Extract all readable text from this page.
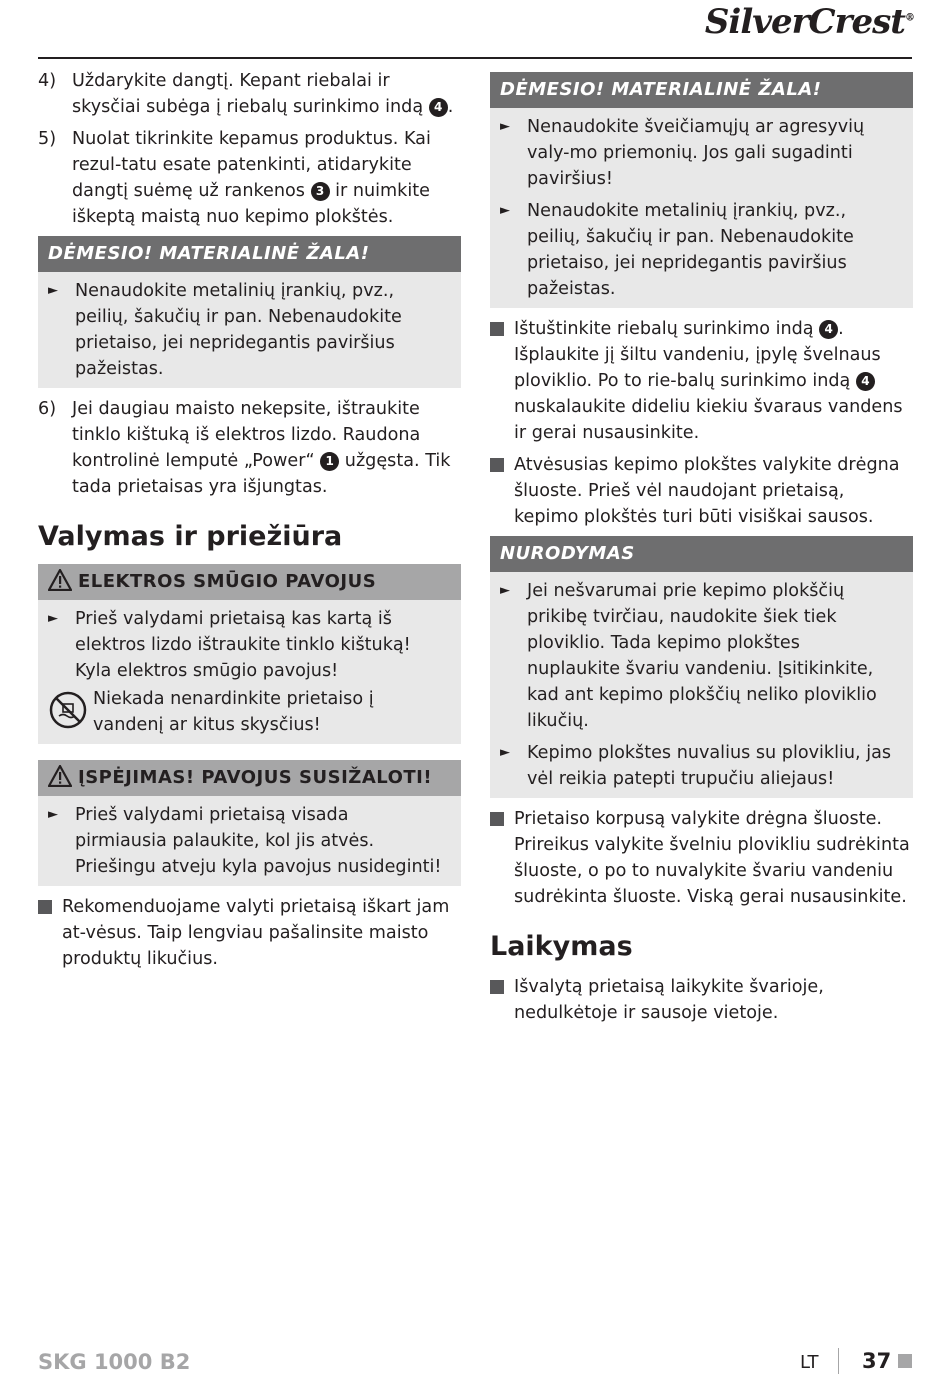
SilverCrest®
4) Uždarykite dangtį. Kepant riebalai ir skysčiai subėga į riebalų surinkimo indą 4 .
5) Nuolat tikrinkite kepamus produktus. Kai rezul-tatu esate patenkinti, atidarykite dangtį suėmę už rankenos 3 ir nuimkite iškeptą maistą nuo kepimo plokštės.
DĖMESIO! MATERIALINĖ ŽALA!
► Nenaudokite metalinių įrankių, pvz., peilių, šakučių ir pan. Nebenaudokite prietaiso, jei nepridegantis paviršius pažeistas.
6) Jei daugiau maisto nekepsite, ištraukite tinklo kištuką iš elektros lizdo. Raudona kontrolinė lemputė „Power“ 1 užgęsta. Tik tada prietaisas yra išjungtas.
Valymas ir priežiūra
ELEKTROS SMŪGIO PAVOJUS
► Prieš valydami prietaisą kas kartą iš elektros lizdo ištraukite tinklo kištuką! Kyla elektros smūgio pavojus!
Niekada nenardinkite prietaiso į vandenį ar kitus skysčius!
ĮSPĖJIMAS! PAVOJUS SUSIŽALOTI!
► Prieš valydami prietaisą visada pirmiausia palaukite, kol jis atvės. Priešingu atveju kyla pavojus nusideginti!
Rekomenduojame valyti prietaisą iškart jam at-vėsus. Taip lengviau pašalinsite maisto produktų likučius.
DĖMESIO! MATERIALINĖ ŽALA!
► Nenaudokite šveičiamųjų ar agresyvių valy-mo priemonių. Jos gali sugadinti paviršius!
► Nenaudokite metalinių įrankių, pvz., peilių, šakučių ir pan. Nebenaudokite prietaiso, jei nepridegantis paviršius pažeistas.
Ištuštinkite riebalų surinkimo indą 4 . Išplaukite jį šiltu vandeniu, įpylę švelnaus ploviklio. Po to rie-balų surinkimo indą 4 nuskalaukite dideliu kiekiu švaraus vandens ir gerai nusausinkite.
Atvėsusias kepimo plokštes valykite drėgna šluoste. Prieš vėl naudojant prietaisą, kepimo plokštės turi būti visiškai sausos.
NURODYMAS
► Jei nešvarumai prie kepimo plokščių prikibę tvirčiau, naudokite šiek tiek ploviklio. Tada kepimo plokštes nuplaukite švariu vandeniu. Įsitikinkite, kad ant kepimo plokščių neliko ploviklio likučių.
► Kepimo plokštes nuvalius su plovikliu, jas vėl reikia patepti trupučiu aliejaus!
Prietaiso korpusą valykite drėgna šluoste. Prireikus valykite švelniu plovikliu sudrėkinta šluoste, o po to nuvalykite švariu vandeniu sudrėkinta šluoste. Viską gerai nusausinkite.
Laikymas
Išvalytą prietaisą laikykite švarioje, nedulkėtoje ir sausoje vietoje.
SKG 1000 B2	LT 37
